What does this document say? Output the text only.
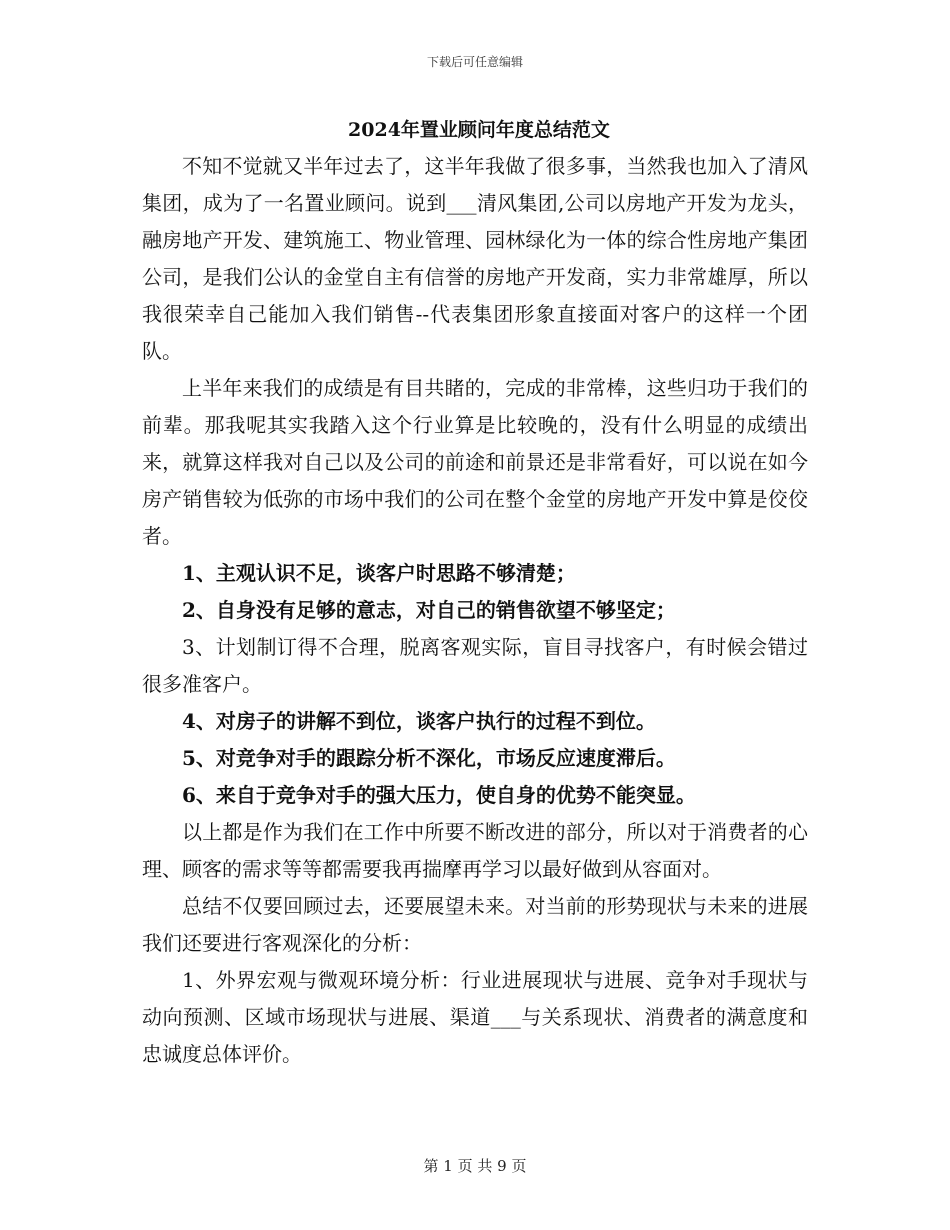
下载后可任意编辑
2024年置业顾问年度总结范文

不知不觉就又半年过去了，这半年我做了很多事，当然我也加入了清风集团，成为了一名置业顾问。说到___清风集团,公司以房地产开发为龙头，融房地产开发、建筑施工、物业管理、园林绿化为一体的综合性房地产集团公司，是我们公认的金堂自主有信誉的房地产开发商，实力非常雄厚，所以我很荣幸自己能加入我们销售--代表集团形象直接面对客户的这样一个团队。

上半年来我们的成绩是有目共睹的，完成的非常棒，这些归功于我们的前辈。那我呢其实我踏入这个行业算是比较晚的，没有什么明显的成绩出来，就算这样我对自己以及公司的前途和前景还是非常看好，可以说在如今房产销售较为低弥的市场中我们的公司在整个金堂的房地产开发中算是佼佼者。

1、主观认识不足，谈客户时思路不够清楚；

2、自身没有足够的意志，对自己的销售欲望不够坚定；

3、计划制订得不合理，脱离客观实际，盲目寻找客户，有时候会错过很多准客户。

4、对房子的讲解不到位，谈客户执行的过程不到位。

5、对竞争对手的跟踪分析不深化，市场反应速度滞后。

6、来自于竞争对手的强大压力，使自身的优势不能突显。

以上都是作为我们在工作中所要不断改进的部分，所以对于消费者的心理、顾客的需求等等都需要我再揣摩再学习以最好做到从容面对。

总结不仅要回顾过去，还要展望未来。对当前的形势现状与未来的进展我们还要进行客观深化的分析：

1、外界宏观与微观环境分析：行业进展现状与进展、竞争对手现状与动向预测、区域市场现状与进展、渠道___与关系现状、消费者的满意度和忠诚度总体评价。

第 1 页 共 9 页
